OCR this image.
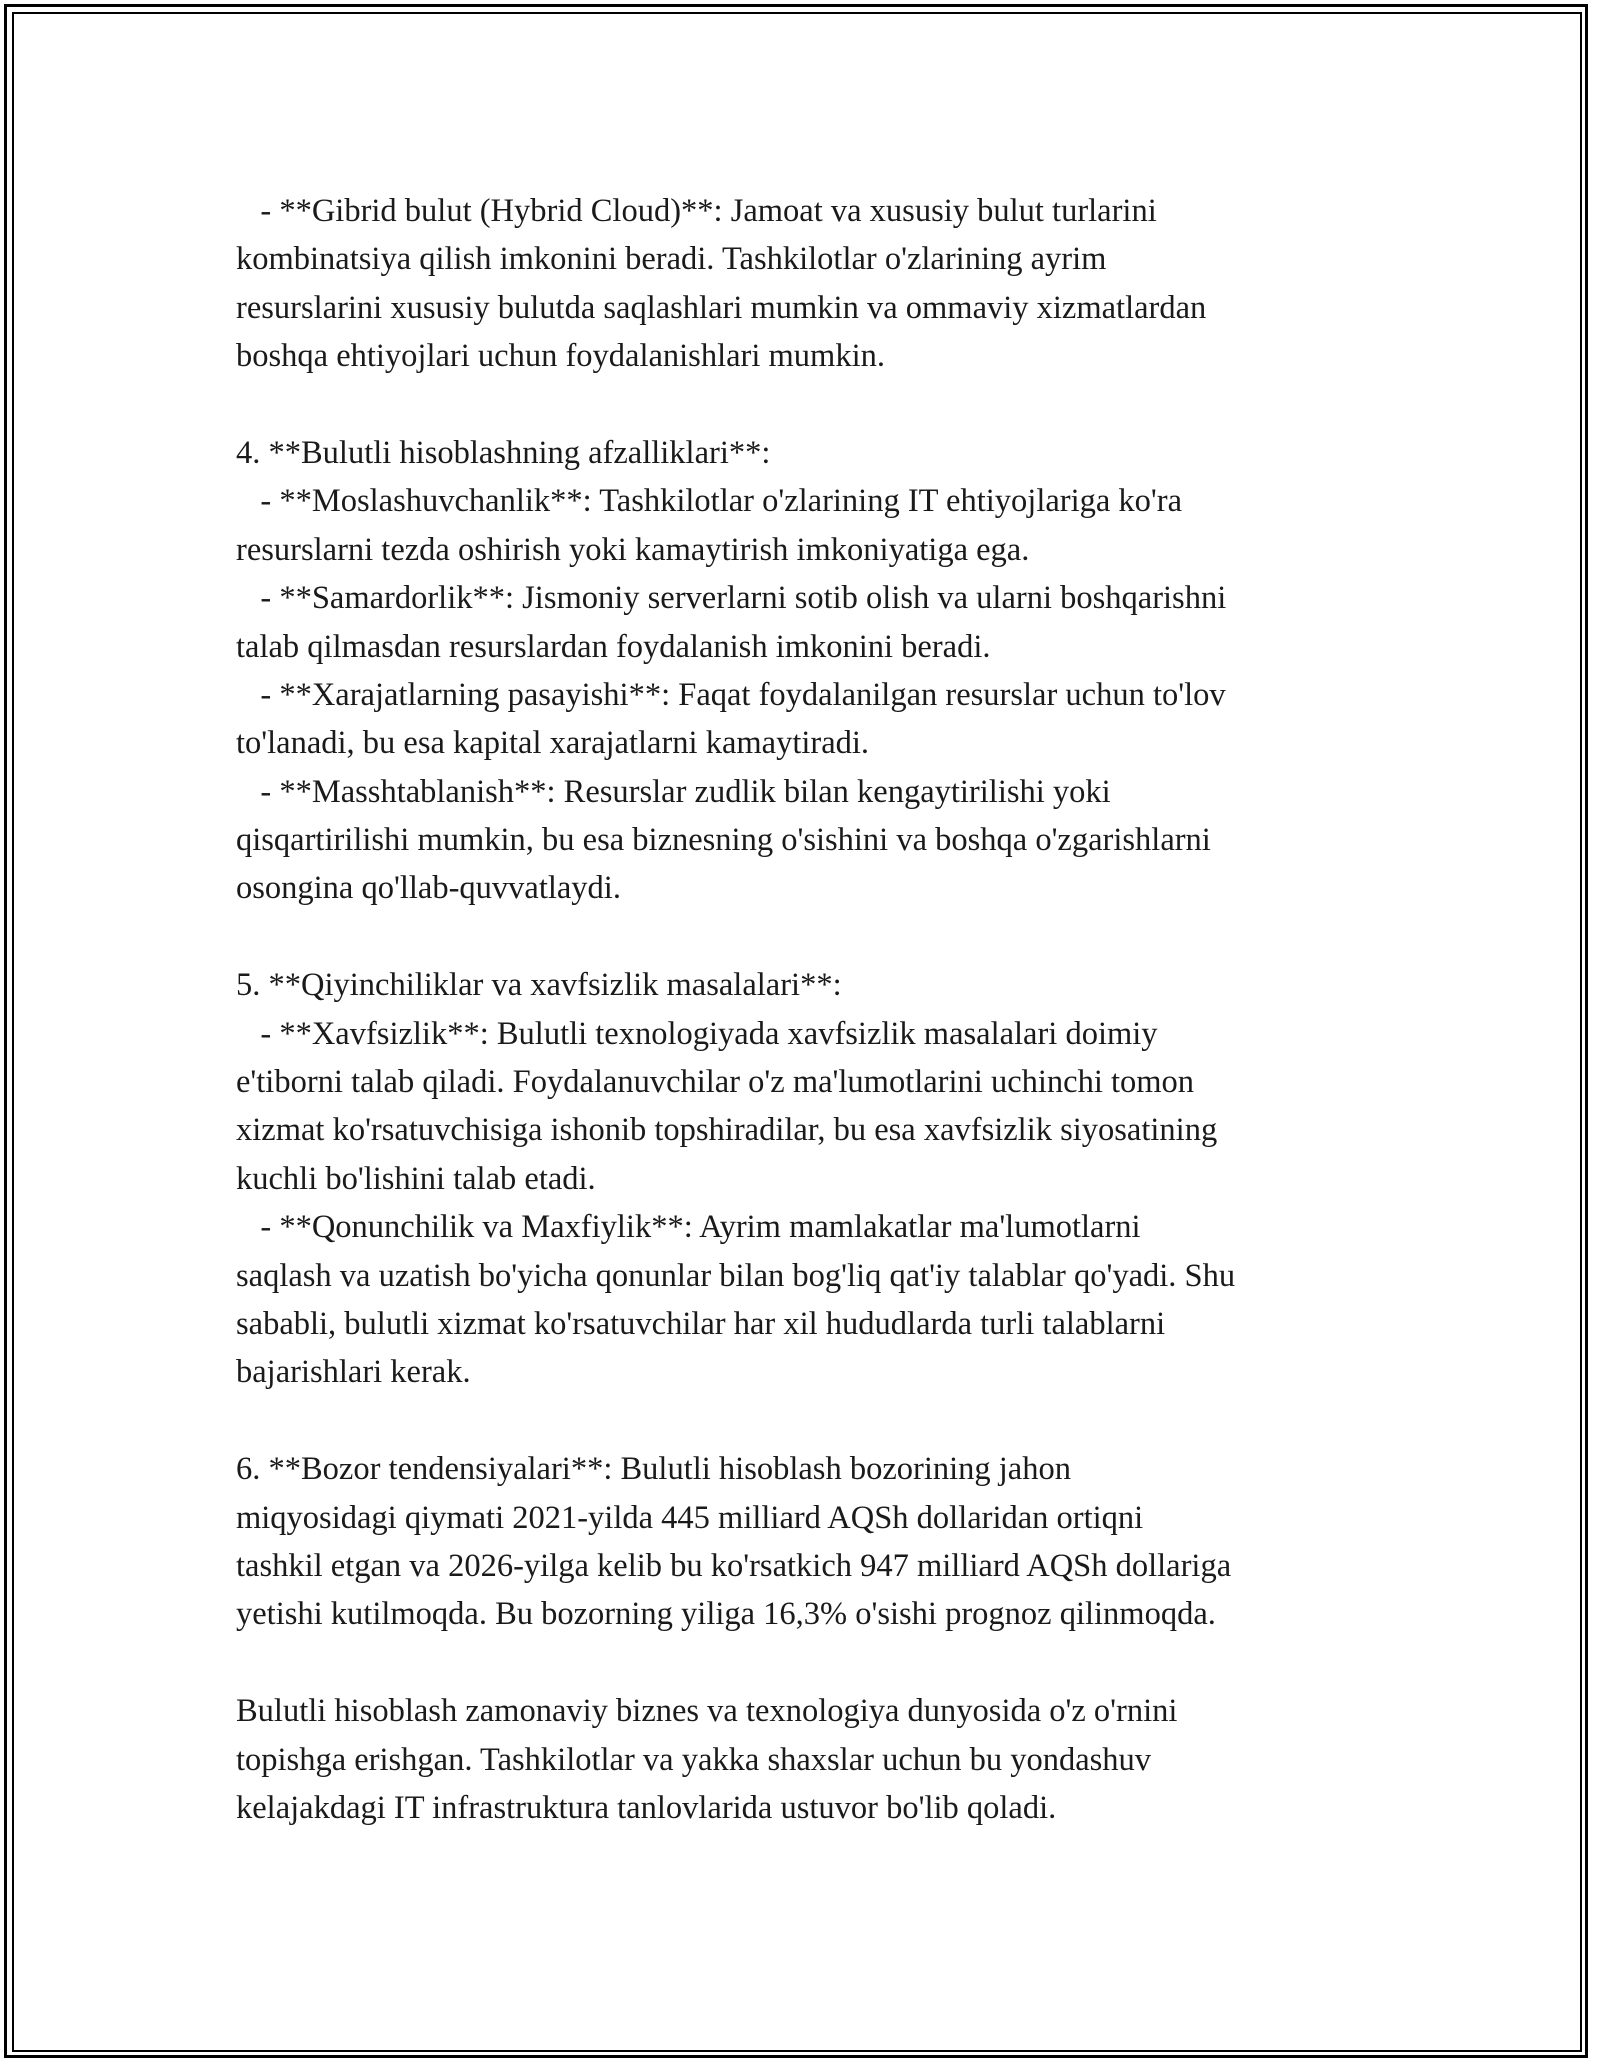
- **Gibrid bulut (Hybrid Cloud)**: Jamoat va xususiy bulut turlarini
kombinatsiya qilish imkonini beradi. Tashkilotlar o'zlarining ayrim
resurslarini xususiy bulutda saqlashlari mumkin va ommaviy xizmatlardan
boshqa ehtiyojlari uchun foydalanishlari mumkin.
4. **Bulutli hisoblashning afzalliklari**:
- **Moslashuvchanlik**: Tashkilotlar o'zlarining IT ehtiyojlariga ko'ra
resurslarni tezda oshirish yoki kamaytirish imkoniyatiga ega.
- **Samardorlik**: Jismoniy serverlarni sotib olish va ularni boshqarishni
talab qilmasdan resurslardan foydalanish imkonini beradi.
- **Xarajatlarning pasayishi**: Faqat foydalanilgan resurslar uchun to'lov
to'lanadi, bu esa kapital xarajatlarni kamaytiradi.
- **Masshtablanish**: Resurslar zudlik bilan kengaytirilishi yoki
qisqartirilishi mumkin, bu esa biznesning o'sishini va boshqa o'zgarishlarni
osongina qo'llab-quvvatlaydi.
5. **Qiyinchiliklar va xavfsizlik masalalari**:
- **Xavfsizlik**: Bulutli texnologiyada xavfsizlik masalalari doimiy
e'tiborni talab qiladi. Foydalanuvchilar o'z ma'lumotlarini uchinchi tomon
xizmat ko'rsatuvchisiga ishonib topshiradilar, bu esa xavfsizlik siyosatining
kuchli bo'lishini talab etadi.
- **Qonunchilik va Maxfiylik**: Ayrim mamlakatlar ma'lumotlarni
saqlash va uzatish bo'yicha qonunlar bilan bog'liq qat'iy talablar qo'yadi. Shu
sababli, bulutli xizmat ko'rsatuvchilar har xil hududlarda turli talablarni
bajarishlari kerak.
6. **Bozor tendensiyalari**: Bulutli hisoblash bozorining jahon
miqyosidagi qiymati 2021-yilda 445 milliard AQSh dollaridan ortiqni
tashkil etgan va 2026-yilga kelib bu ko'rsatkich 947 milliard AQSh dollariga
yetishi kutilmoqda. Bu bozorning yiliga 16,3% o'sishi prognoz qilinmoqda.
Bulutli hisoblash zamonaviy biznes va texnologiya dunyosida o'z o'rnini
topishga erishgan. Tashkilotlar va yakka shaxslar uchun bu yondashuv
kelajakdagi IT infrastruktura tanlovlarida ustuvor bo'lib qoladi.
